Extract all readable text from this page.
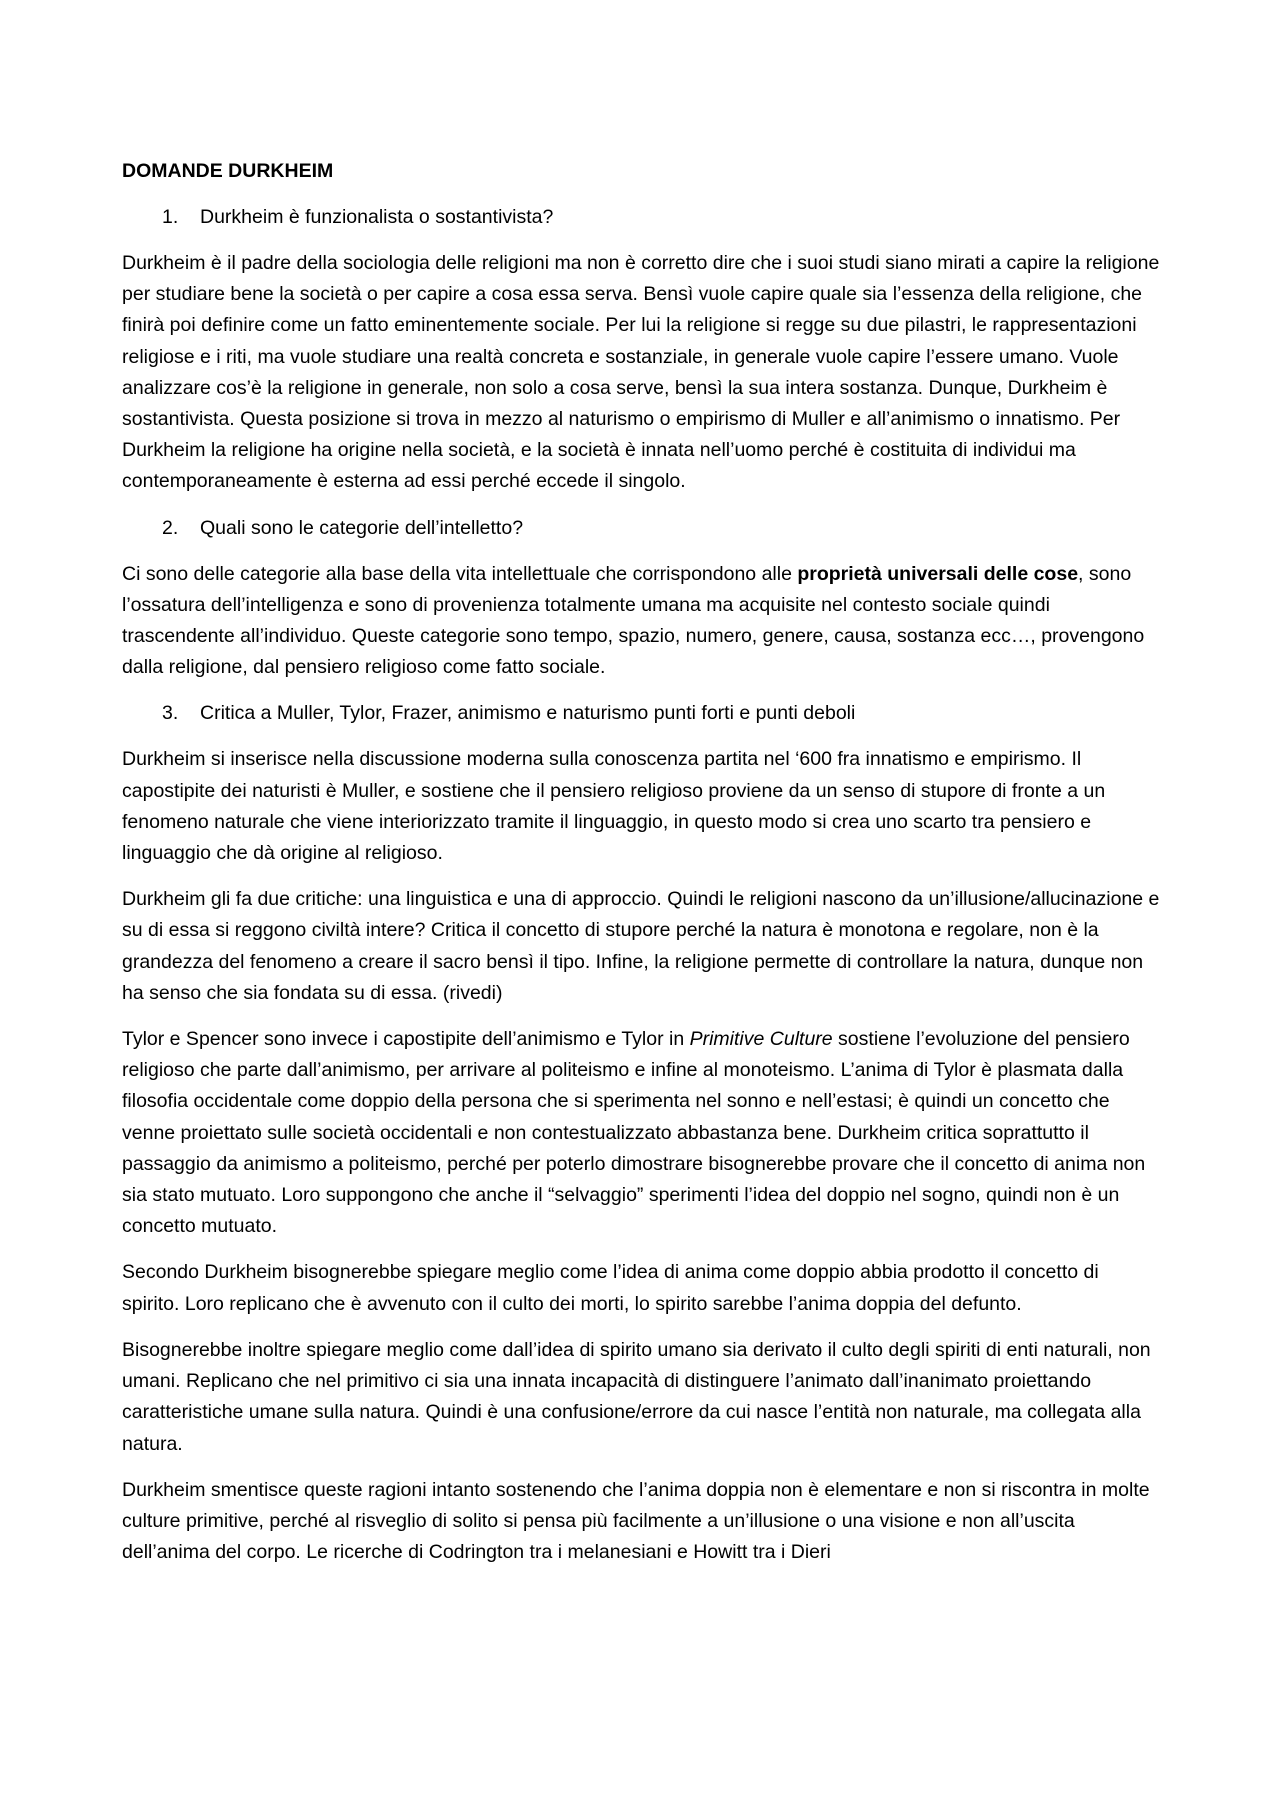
DOMANDE DURKHEIM
1.	Durkheim è funzionalista o sostantivista?

Durkheim è il padre della sociologia delle religioni ma non è corretto dire che i suoi studi siano mirati a capire la religione per studiare bene la società o per capire a cosa essa serva. Bensì vuole capire quale sia l’essenza della religione, che finirà poi definire come un fatto eminentemente sociale. Per lui la religione si regge su due pilastri, le rappresentazioni religiose e i riti, ma vuole studiare una realtà concreta e sostanziale, in generale vuole capire l’essere umano. Vuole analizzare cos’è la religione in generale, non solo a cosa serve, bensì la sua intera sostanza. Dunque, Durkheim è sostantivista. Questa posizione si trova in mezzo al naturismo o empirismo di Muller e all’animismo o innatismo. Per Durkheim la religione ha origine nella società, e la società è innata nell’uomo perché è costituita di individui ma contemporaneamente è esterna ad essi perché eccede il singolo.

2.	Quali sono le categorie dell’intelletto?

Ci sono delle categorie alla base della vita intellettuale che corrispondono alle proprietà universali delle cose, sono l’ossatura dell’intelligenza e sono di provenienza totalmente umana ma acquisite nel contesto sociale quindi trascendente all’individuo. Queste categorie sono tempo, spazio, numero, genere, causa, sostanza ecc…, provengono dalla religione, dal pensiero religioso come fatto sociale.

3.	Critica a Muller, Tylor, Frazer, animismo e naturismo punti forti e punti deboli

Durkheim si inserisce nella discussione moderna sulla conoscenza partita nel ‘600 fra innatismo e empirismo. Il capostipite dei naturisti è Muller, e sostiene che il pensiero religioso proviene da un senso di stupore di fronte a un fenomeno naturale che viene interiorizzato tramite il linguaggio, in questo modo si crea uno scarto tra pensiero e linguaggio che dà origine al religioso.

Durkheim gli fa due critiche: una linguistica e una di approccio. Quindi le religioni nascono da un’illusione/allucinazione e su di essa si reggono civiltà intere? Critica il concetto di stupore perché la natura è monotona e regolare, non è la grandezza del fenomeno a creare il sacro bensì il tipo. Infine, la religione permette di controllare la natura, dunque non ha senso che sia fondata su di essa. (rivedi)

Tylor e Spencer sono invece i capostipite dell’animismo e Tylor in Primitive Culture sostiene l’evoluzione del pensiero religioso che parte dall’animismo, per arrivare al politeismo e infine al monoteismo. L’anima di Tylor è plasmata dalla filosofia occidentale come doppio della persona che si sperimenta nel sonno e nell’estasi; è quindi un concetto che venne proiettato sulle società occidentali e non contestualizzato abbastanza bene. Durkheim critica soprattutto il passaggio da animismo a politeismo, perché per poterlo dimostrare bisognerebbe provare che il concetto di anima non sia stato mutuato. Loro suppongono che anche il “selvaggio” sperimenti l’idea del doppio nel sogno, quindi non è un concetto mutuato.

Secondo Durkheim bisognerebbe spiegare meglio come l’idea di anima come doppio abbia prodotto il concetto di spirito. Loro replicano che è avvenuto con il culto dei morti, lo spirito sarebbe l’anima doppia del defunto.

Bisognerebbe inoltre spiegare meglio come dall’idea di spirito umano sia derivato il culto degli spiriti di enti naturali, non umani. Replicano che nel primitivo ci sia una innata incapacità di distinguere l’animato dall’inanimato proiettando caratteristiche umane sulla natura. Quindi è una confusione/errore da cui nasce l’entità non naturale, ma collegata alla natura.

Durkheim smentisce queste ragioni intanto sostenendo che l’anima doppia non è elementare e non si riscontra in molte culture primitive, perché al risveglio di solito si pensa più facilmente a un’illusione o una visione e non all’uscita dell’anima del corpo. Le ricerche di Codrington tra i melanesiani e Howitt tra i Dieri
